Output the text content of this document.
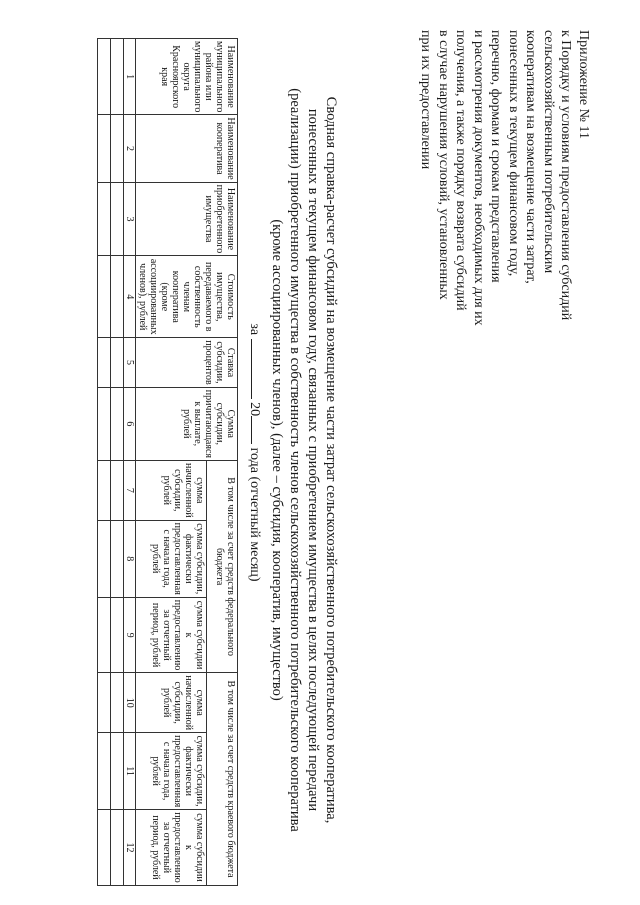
Приложение № 11
к Порядку и условиям предоставления субсидий
сельскохозяйственным потребительским
кооперативам на возмещение части затрат,
понесенных в текущем финансовом году,
перечню, формам и срокам представления
и рассмотрения документов, необходимых для их
получения, а также порядку возврата субсидий
в случае нарушения условий, установленных
при их предоставлении
Сводная справка-расчет субсидий на возмещение части затрат сельскохозяйственного потребительского кооператива,
понесенных в текущем финансовом году, связанных с приобретением имущества в целях последующей передачи
(реализации) приобретенного имущества в собственность членов сельскохозяйственного потребительского кооператива
(кроме ассоциированных членов), (далее – субсидия, кооператив, имущество)
за  20 года (отчетный месяц)
Наименование муниципального района или муниципального округа Красноярского края	Наименование кооператива	Наименование приобретенного имущества	Стоимость имущества, передаваемого в собственность членам кооператива (кроме ассоциированных членов), рублей	Ставка субсидии, процентов	Сумма субсидии, причитающаяся к выплате, рублей	В том числе за счет средств федерального бюджета			В том числе за счет средств краевого бюджета		
						сумма начисленной субсидии, рублей	сумма субсидии, фактически предоставленная с начала года, рублей	сумма субсидии к предоставлению за отчетный период, рублей	сумма начисленной субсидии, рублей	сумма субсидии, фактически предоставленная с начала года, рублей	сумма субсидии к предоставлению за отчетный период, рублей
1	2	3	4	5	6	7	8	9	10	11	12
